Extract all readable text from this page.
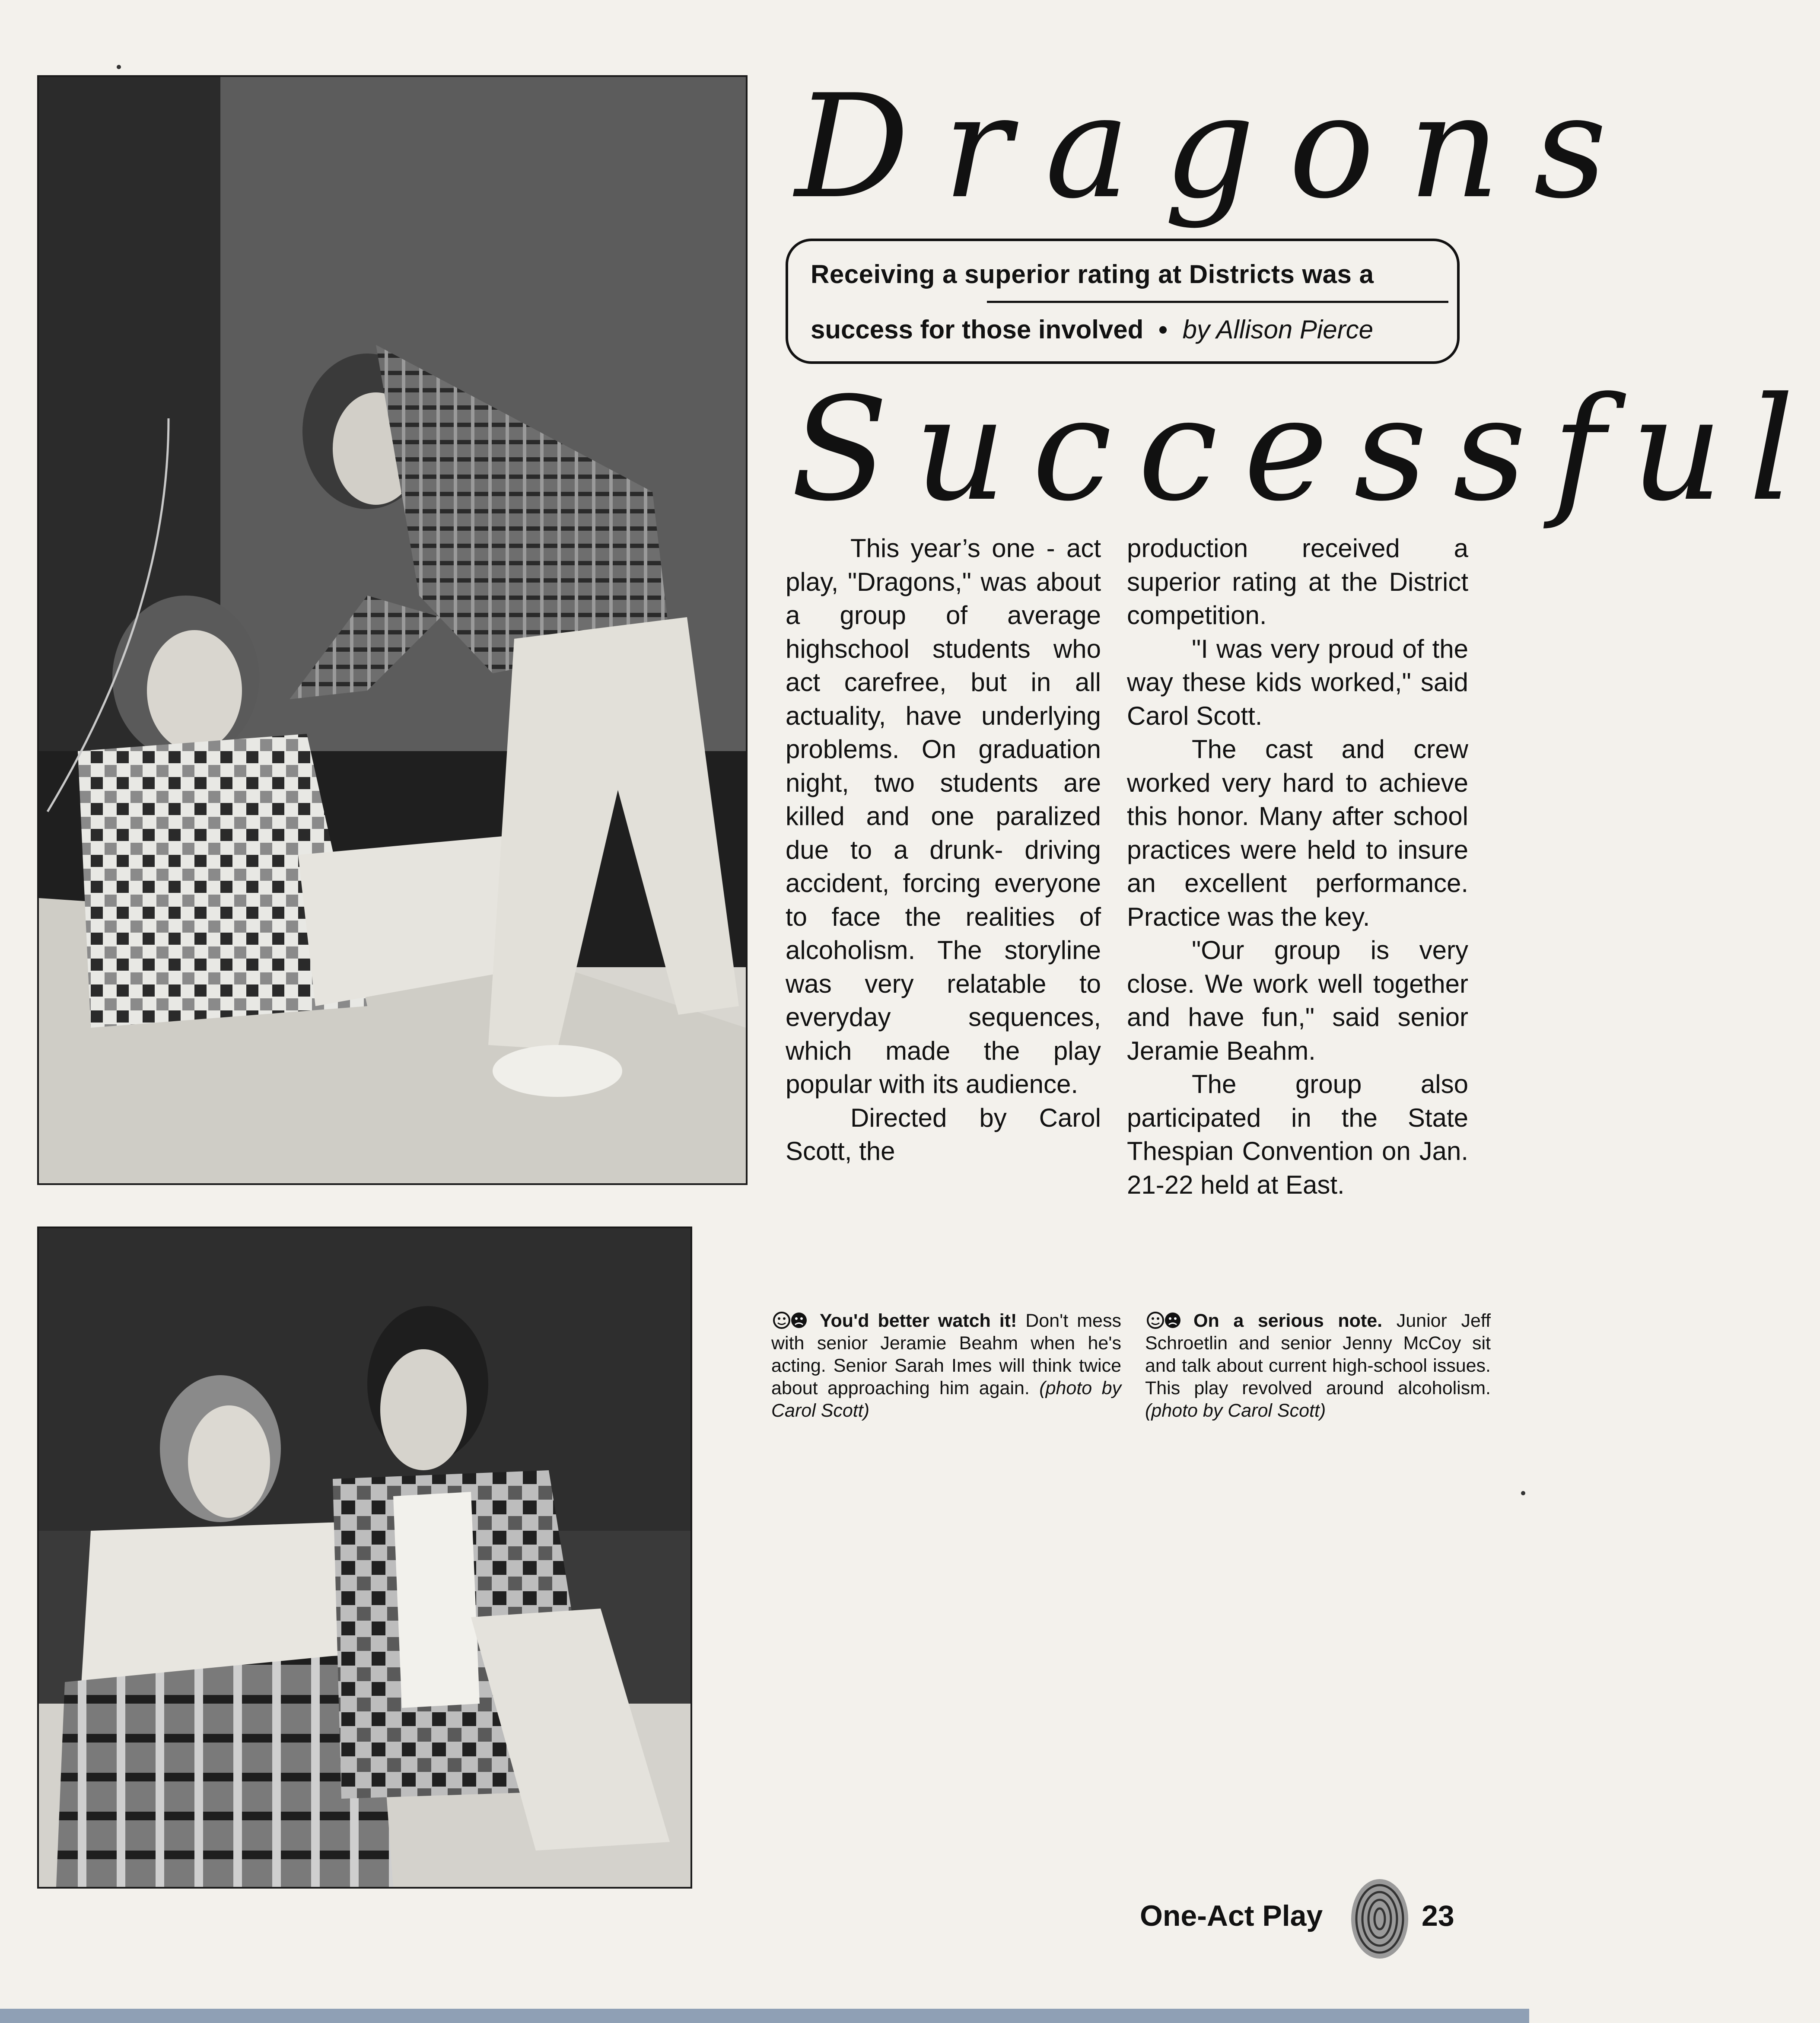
Dragons
Successful
Receiving a superior rating at Districts was a
success for those involved • by Allison Pierce

This year’s one - act play, "Dragons," was about a group of average highschool students who act carefree, but in all actuality, have underlying problems. On graduation night, two students are killed and one paralized due to a drunk- driving accident, forcing everyone to face the realities of alcoholism. The storyline was very relatable to everyday sequences, which made the play popular with its audience.

Directed by Carol Scott, the

production received a superior rating at the District competition.

"I was very proud of the way these kids worked," said Carol Scott.

The cast and crew worked very hard to achieve this honor. Many after school practices were held to insure an excellent performance. Practice was the key.

"Our group is very close. We work well together and have fun," said senior Jeramie Beahm.

The group also participated in the State Thespian Convention on Jan. 21-22 held at East.

You'd better watch it! Don't mess with senior Jeramie Beahm when he's acting. Senior Sarah Imes will think twice about approaching him again. (photo by Carol Scott)
On a serious note. Junior Jeff Schroetlin and senior Jenny McCoy sit and talk about current high-school issues. This play revolved around alcoholism. (photo by Carol Scott)
One-Act Play	23
